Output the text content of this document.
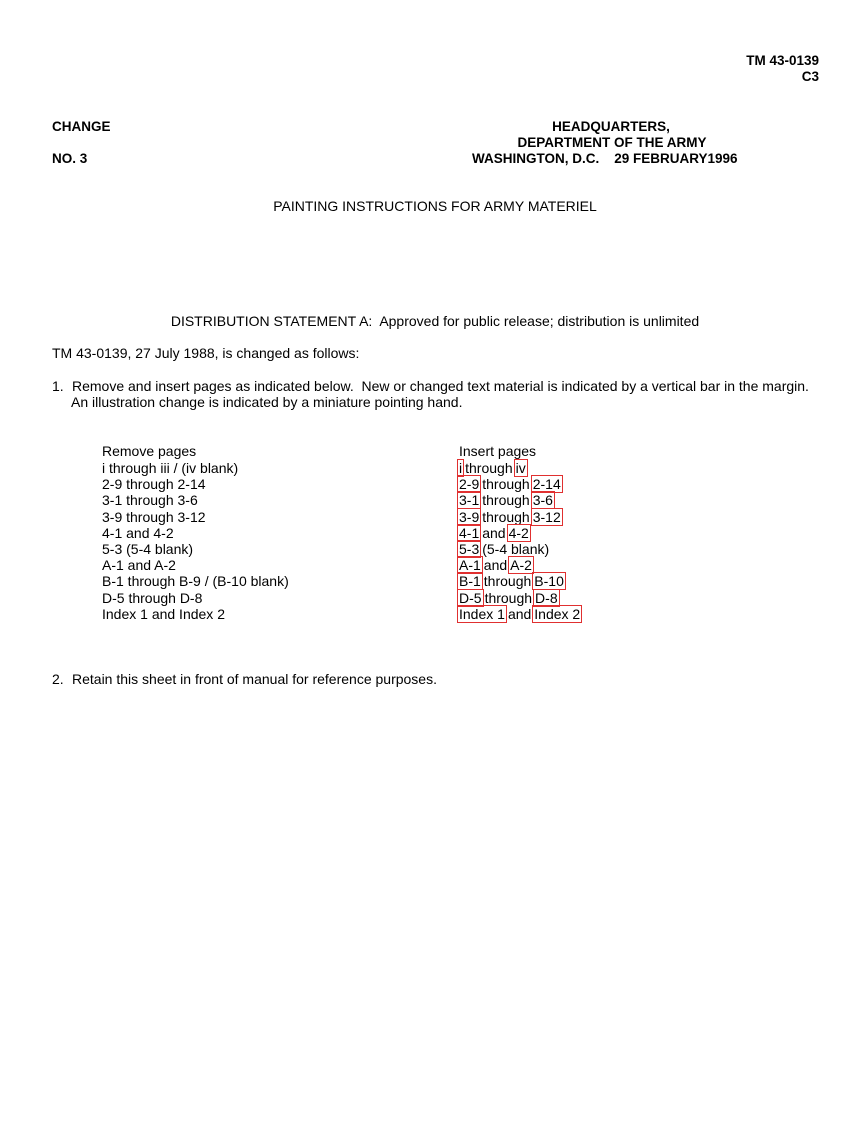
TM 43-0139
C3
CHANGE
NO. 3
HEADQUARTERS,
DEPARTMENT OF THE ARMY
WASHINGTON, D.C.    29 FEBRUARY1996
PAINTING INSTRUCTIONS FOR ARMY MATERIEL
DISTRIBUTION STATEMENT A:  Approved for public release; distribution is unlimited
TM 43-0139, 27 July 1988, is changed as follows:
1. Remove and insert pages as indicated below.  New or changed text material is indicated by a vertical bar in the margin.
An illustration change is indicated by a miniature pointing hand.
Remove pages
i through iii / (iv blank)
2-9 through 2-14
3-1 through 3-6
3-9 through 3-12
4-1 and 4-2
5-3 (5-4 blank)
A-1 and A-2
B-1 through B-9 / (B-10 blank)
D-5 through D-8
Index 1 and Index 2
Insert pages
i through iv
2-9 through 2-14
3-1 through 3-6
3-9 through 3-12
4-1 and 4-2
5-3 (5-4 blank)
A-1 and A-2
B-1 through B-10
D-5 through D-8
Index 1 and Index 2
2. Retain this sheet in front of manual for reference purposes.
